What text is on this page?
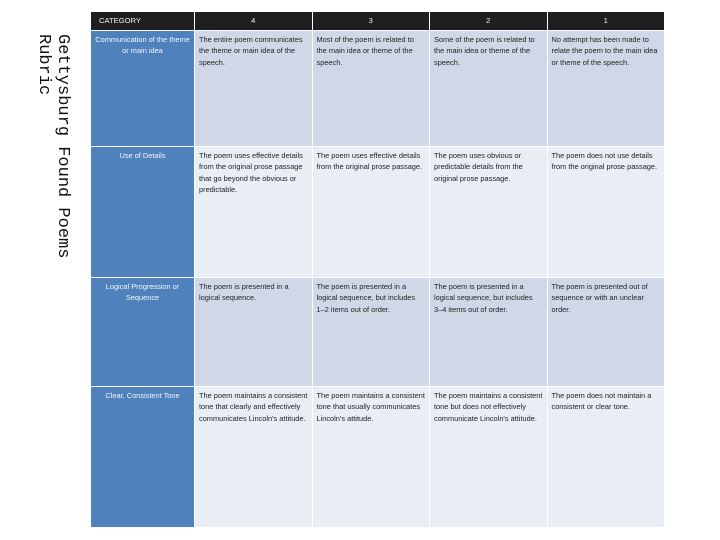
Gettysburg Found Poems
Rubric
CATEGORY	4	3	2	1
Communication of the theme or main idea	The entire poem communicates the theme or main idea of the speech.	Most of the poem is related to the main idea or theme of the speech.	Some of the poem is related to the main idea or theme of the speech.	No attempt has been made to relate the poem to the main idea or theme of the speech.
Use of Details	The poem uses effective details from the original prose passage that go beyond the obvious or predictable.	The poem uses effective details from the original prose passage.	The poem uses obvious or predictable details from the original prose passage.	The poem does not use details from the original prose passage.
Logical Progression or Sequence	The poem is presented in a logical sequence.	The poem is presented in a logical sequence, but includes 1–2 items out of order.	The poem is presented in a logical sequence, but includes 3–4 items out of order.	The poem is presented out of sequence or with an unclear order.
Clear, Consistent Tone	The poem maintains a consistent tone that clearly and effectively communicates Lincoln's attitude.	The poem maintains a consistent tone that usually communicates Lincoln's attitude.	The poem maintains a consistent tone but does not effectively communicate Lincoln's attitude.	The poem does not maintain a consistent or clear tone.
